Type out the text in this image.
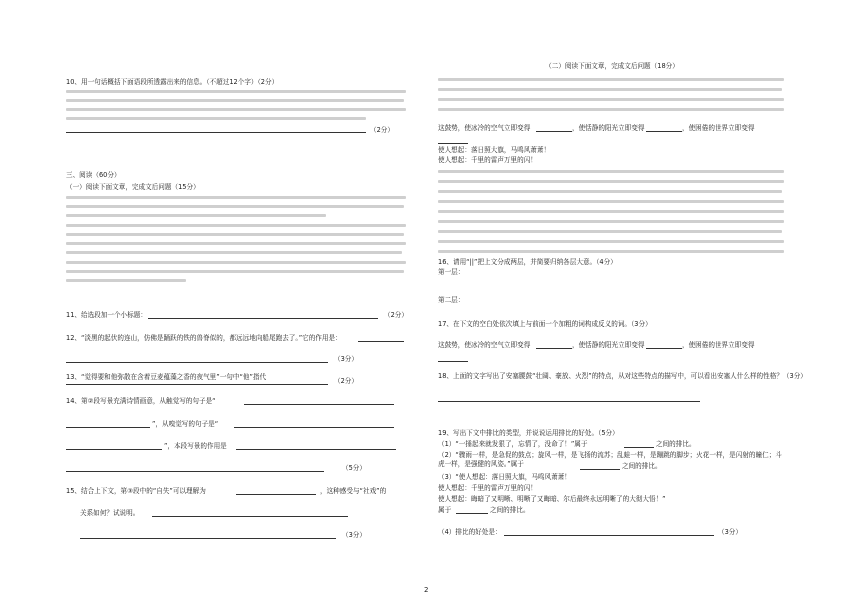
10、用一句话概括下面语段所透露出来的信息。（不超过12个字）（2分）
（2分）
三、阅读（60分）
（一）阅读下面文章，完成文后问题（15分）
11、给选段加一个小标题：	（2分）
12、“淡黑的起伏的连山，仿佛是踊跃的铁的兽脊似的，都远远地向船尾跑去了。”它的作用是：
（3分）
13、“觉得要和他弥散在含着豆麦蕴藻之香的夜气里”一句中“他”指代	（2分）
14、第②段写景充满诗情画意，从触觉写的句子是“
”，从嗅觉写的句子是“
”，本段写景的作用是
（5分）
15、结合上下文，第③段中的“自失”可以理解为	，这种感受与“社戏”的
关系如何？试说明。
（3分）
（二）阅读下面文章，完成文后问题（18分）
这鼓势，使冰冷的空气立即变得	，使恬静的阳光立即变得	，使困倦的世界立即变得
使人想起：落日照大旗，马鸣风萧萧！
使人想起：千里的雷声万里的闪！
16、请用“||”把上文分成两层，并简要归纳各层大意。（4分）
第一层：
第二层：
17、在下文的空白处依次填上与前面一个加粗的词构成反义的词。（3分）
这鼓势，使冰冷的空气立即变得	，使恬静的阳光立即变得	，使困倦的世界立即变得
18、上面的文字写出了安塞腰鼓“壮阔、豪放、火烈”的特点，从对这些特点的描写中，可以看出安塞人什么样的性格？（3分）
19、写出下文中排比的类型，并说说运用排比的好处。（5分）
（1）“一捶起来就发狠了，忘情了，没命了！”属于	之间的排比。
（2）“骤雨一样，是急促的鼓点；旋风一样，是飞扬的流苏；乱蛙一样，是蹦跳的脚步；火花一样，是闪射的瞳仁；斗虎一样，是强健的风姿。”属于	之间的排比。
（3）“使人想起：落日照大旗，马鸣风萧萧！
使人想起：千里的雷声万里的闪！
使人想起：晦暗了又明晰、明晰了又晦暗、尔后最终永远明晰了的大彻大悟！”
属于	之间的排比。
（4）排比的好处是：	（3分）
2
